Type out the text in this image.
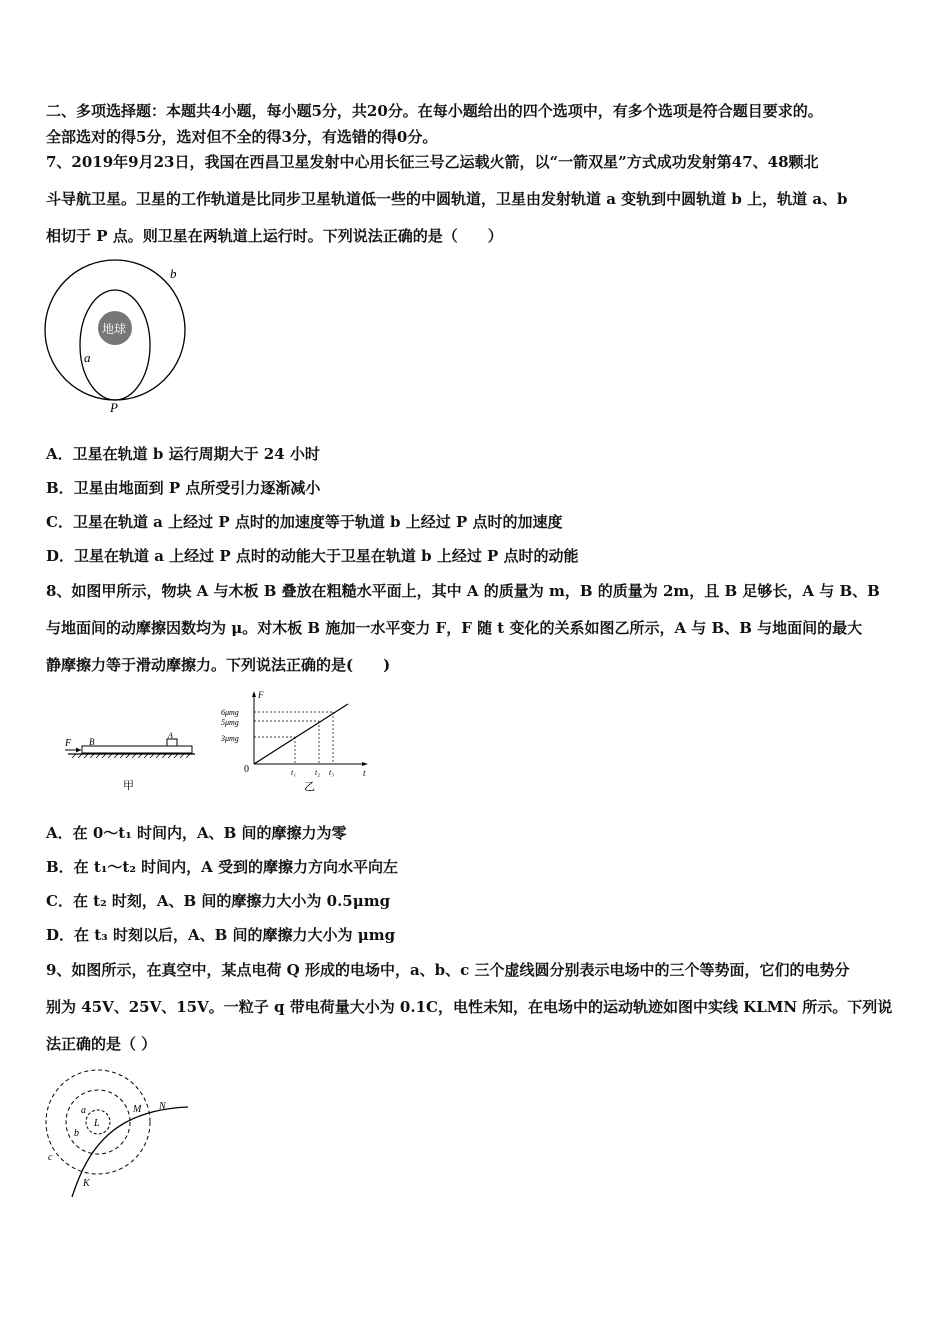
二、多项选择题：本题共4小题，每小题5分，共20分。在每小题给出的四个选项中，有多个选项是符合题目要求的。
全部选对的得5分，选对但不全的得3分，有选错的得0分。
7、2019年9月23日，我国在西昌卫星发射中心用长征三号乙运载火箭，以“一箭双星”方式成功发射第47、48颗北
斗导航卫星。卫星的工作轨道是比同步卫星轨道低一些的中圆轨道，卫星由发射轨道 a 变轨到中圆轨道 b 上，轨道 a、b
相切于 P 点。则卫星在两轨道上运行时。下列说法正确的是（　　）
地球
a
b
P
A．卫星在轨道 b 运行周期大于 24 小时
B．卫星由地面到 P 点所受引力逐渐减小
C．卫星在轨道 a 上经过 P 点时的加速度等于轨道 b 上经过 P 点时的加速度
D．卫星在轨道 a 上经过 P 点时的动能大于卫星在轨道 b 上经过 P 点时的动能
8、如图甲所示，物块 A 与木板 B 叠放在粗糙水平面上，其中 A 的质量为 m，B 的质量为 2m，且 B 足够长，A 与 B、B
与地面间的动摩擦因数均为 μ。对木板 B 施加一水平变力 F，F 随 t 变化的关系如图乙所示，A 与 B、B 与地面间的最大
静摩擦力等于滑动摩擦力。下列说法正确的是(　　)
F B
A
甲
F
t
0
6μmg
5μmg
3μmg
t₁ t₂ t₃
乙
A．在 0～t₁ 时间内，A、B 间的摩擦力为零
B．在 t₁～t₂ 时间内，A 受到的摩擦力方向水平向左
C．在 t₂ 时刻，A、B 间的摩擦力大小为 0.5μmg
D．在 t₃ 时刻以后，A、B 间的摩擦力大小为 μmg
9、如图所示，在真空中，某点电荷 Q 形成的电场中，a、b、c 三个虚线圆分别表示电场中的三个等势面，它们的电势分
别为 45V、25V、15V。一粒子 q 带电荷量大小为 0.1C，电性未知，在电场中的运动轨迹如图中实线 KLMN 所示。下列说
法正确的是（ ）
a
b
c
L
M N
K
